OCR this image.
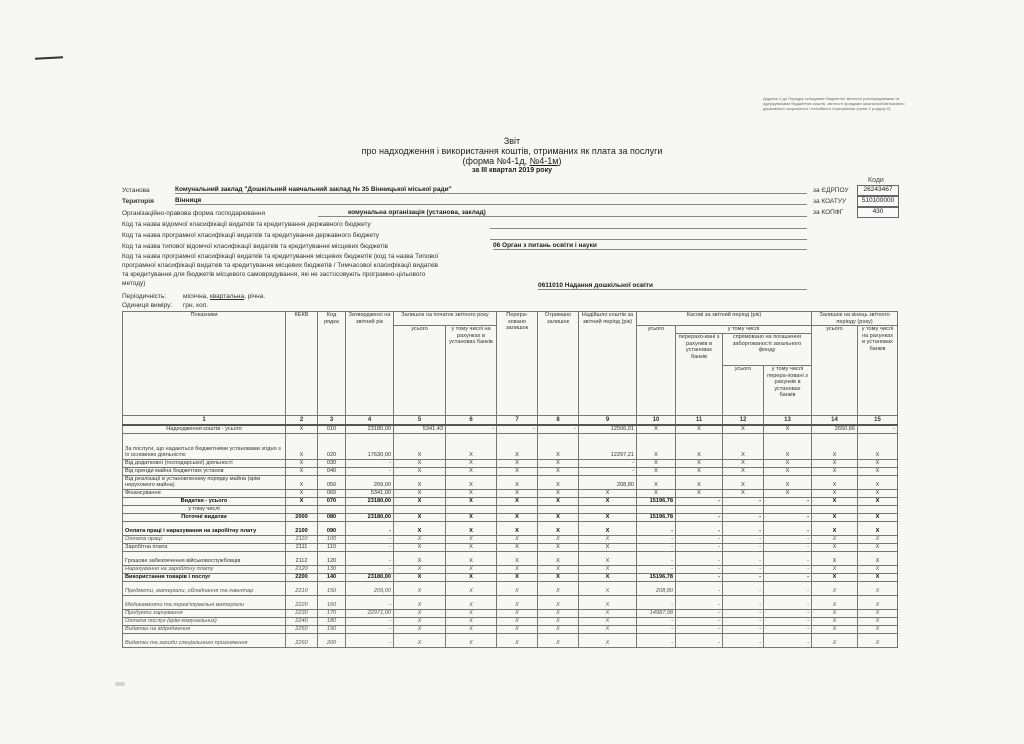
Додаток 2 до Порядку складання бюджетної звітності розпорядниками та одержувачами бюджетних коштів, звітності фондами загальнообов'язкового державного соціального і пенсійного страхування (пункт 1 розділу II)
Звіт
про надходження і використання коштів, отриманих як плата за послуги
(форма №4-1д, №4-1м)
за III квартал 2019 року
Коди
Установа	Комунальний заклад "Дошкільний навчальний заклад № 35 Вінницької міської ради"
Територія	Вінниця
Організаційно-правова форма господарювання	комунальна організація (установа, заклад)
Код та назва відомчої класифікації видатків та кредитування державного бюджету
Код та назва програмної класифікації видатків та кредитування державного бюджету
Код та назва типової відомчої класифікації видатків та кредитування місцевих бюджетів	06 Орган з питань освіти і науки
Код та назва програмної класифікації видатків та кредитування місцевих бюджетів (код та назва Типової
програмної класифікації видатків та кредитування місцевих бюджетів / Тимчасової класифікації видатків
та кредитування для бюджетів місцевого самоврядування, які не застосовують програмно-цільового
методу)	0611010 Надання дошкільної освіти
Періодичність:	місячна, квартальна, річна.
Одиниця виміру: грн, коп.
за ЄДРПОУ	26243467
за КОАТУУ	510100000
за КОПФГ	430
Показники	КЕКВ	Код рядка	Затверджено на звітний рік	Залишок на початок звітного року		Перера-ховано залишок	Отримано залишок	Надійшло коштів за звітний період (рік)	Касові за звітний період (рік)				Залишок на кінець звітного періоду (року)	
				усього	у тому числі на рахунках в установах банків				усього	у тому числі			усього	у тому числі на рахунках в установах банків
										перерахо-вані з рахунків в установах банків	спрямовано на погашення заборгованості загального фонду			
											усього	у тому числі перера-ховані з рахунків в установах банків		
1	2	3	4	5	6	7	8	9	10	11	12	13	14	15
Надходження коштів - усього	X	010	23180,00	5341,43	-	-	-	12506,01	X	X	X	X	2650,66	-
За послуги, що надаються бюджетними установами згідно з їх основною діяльністю	X	020	17630,00	X	X	X	X	12297,21	X	X	X	X	X	X
Від додаткової (господарської) діяльності	X	030	-	X	X	X	X	-	X	X	X	X	X	X
Від оренди майна бюджетних установ	X	040	-	X	X	X	X	-	X	X	X	X	X	X
Від реалізації в установленому порядку майна (крім нерухомого майна)	X	050	209,00	X	X	X	X	208,80	X	X	X	X	X	X
Фінансування	X	060	5341,00	X	X	X	X	X	X	X	X	X	X	X
Видатки - усього	X	070	23180,00	X	X	X	X	X	15196,78	-	-	-	X	X
у тому числі														
Поточні видатки	2000	080	23180,00	X	X	X	X	X	15196,78	-	-	-	X	X
Оплата праці і нарахування на заробітну плату	2100	090	-	X	X	X	X	X	-	-	-	-	X	X
Оплата праці	2110	100	-	X	X	X	X	X	-	-	-	-	X	X
Заробітна плата	2111	110	-	X	X	X	X	X	-	-	-	-	X	X
Грошове забезпечення військовослужбовців	2112	120	-	X	X	X	X	X	-	-	-	-	X	X
Нарахування на заробітну плату	2120	130	-	X	X	X	X	X	-	-	-	-	X	X
Використання товарів і послуг	2200	140	23180,00	X	X	X	X	X	15196,78	-	-	-	X	X
Предмети, матеріали, обладнання та інвентар	2210	150	209,00	X	X	X	X	X	208,80	-	-	-	X	X
Медикаменти та перев'язувальні матеріали	2220	160	-	X	X	X	X	X	-	-	-	-	X	X
Продукти харчування	2230	170	22971,00	X	X	X	X	X	14987,98	-	-	-	X	X
Оплата послуг (крім комунальних)	2240	180	-	X	X	X	X	X	-	-	-	-	X	X
Видатки на відрядження	2250	190	-	X	X	X	X	X	-	-	-	-	X	X
Видатки та заходи спеціального призначення	2260	200	-	X	X	X	X	X	-	-	-	-	X	X
